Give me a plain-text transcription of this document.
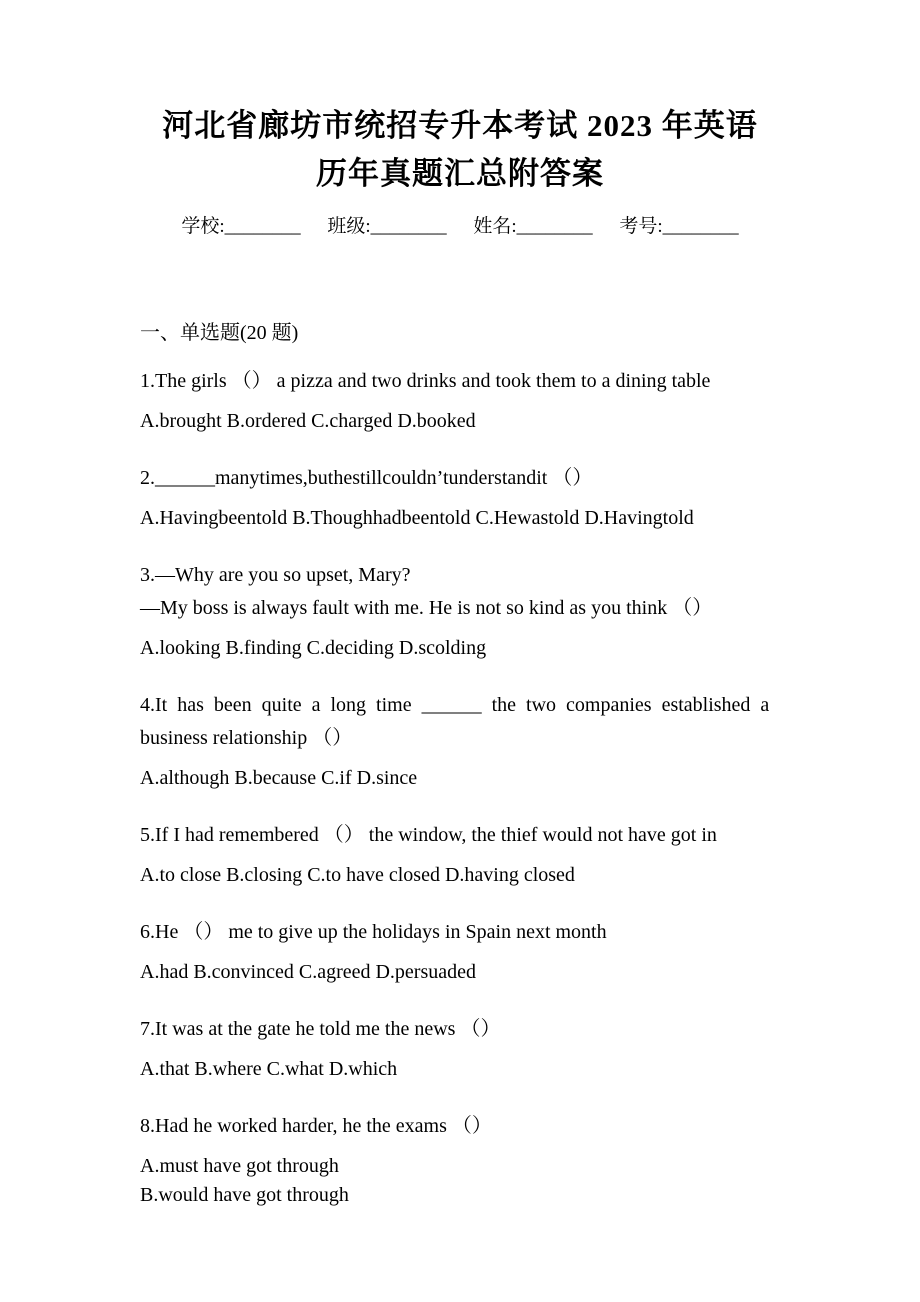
河北省廊坊市统招专升本考试 2023 年英语
历年真题汇总附答案

学校:________ 班级:________ 姓名:________ 考号:________

一、单选题(20 题)
1.The girls （） a pizza and two drinks and took them to a dining table
A.brought B.ordered C.charged D.booked
2.______manytimes,buthestillcouldn’tunderstandit （）
A.Havingbeentold B.Thoughhadbeentold C.Hewastold D.Havingtold
3.—Why are you so upset, Mary?
—My boss is always fault with me. He is not so kind as you think （）
A.looking B.finding C.deciding D.scolding
4.It has been quite a long time ______ the two companies established a
business relationship （）
A.although B.because C.if D.since
5.If I had remembered （） the window, the thief would not have got in
A.to close B.closing C.to have closed D.having closed
6.He （） me to give up the holidays in Spain next month
A.had B.convinced C.agreed D.persuaded
7.It was at the gate he told me the news （）
A.that B.where C.what D.which
8.Had he worked harder, he the exams （）
A.must have got through
B.would have got through
